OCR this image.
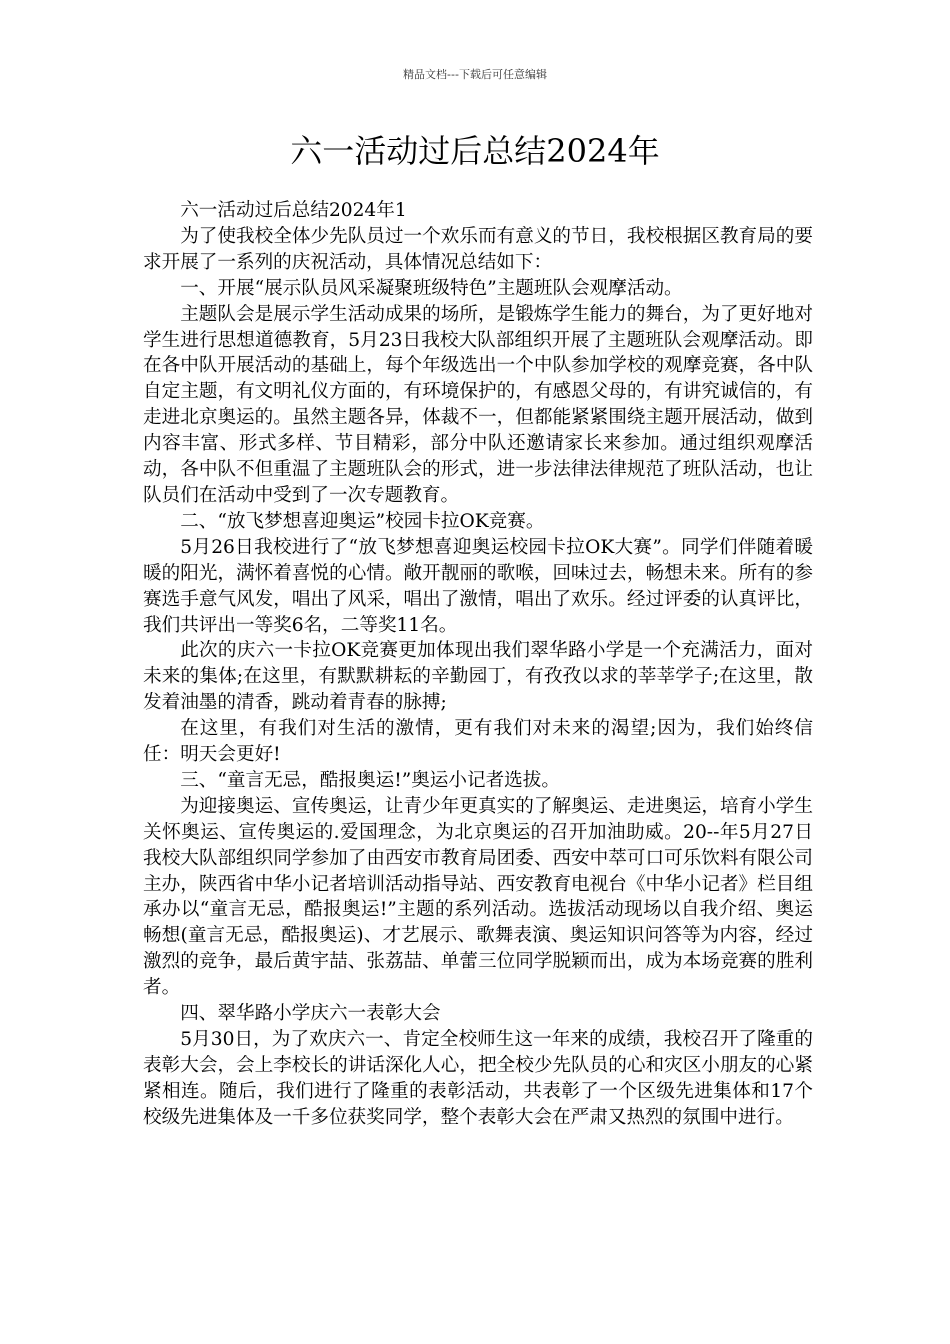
精品文档---下载后可任意编辑
六一活动过后总结2024年

六一活动过后总结2024年1

为了使我校全体少先队员过一个欢乐而有意义的节日，我校根据区教育局的要求开展了一系列的庆祝活动，具体情况总结如下：

一、开展“展示队员风采凝聚班级特色”主题班队会观摩活动。

主题队会是展示学生活动成果的场所，是锻炼学生能力的舞台，为了更好地对学生进行思想道德教育，5月23日我校大队部组织开展了主题班队会观摩活动。即在各中队开展活动的基础上，每个年级选出一个中队参加学校的观摩竞赛，各中队自定主题，有文明礼仪方面的，有环境保护的，有感恩父母的，有讲究诚信的，有走进北京奥运的。虽然主题各异，体裁不一，但都能紧紧围绕主题开展活动，做到内容丰富、形式多样、节目精彩，部分中队还邀请家长来参加。通过组织观摩活动，各中队不但重温了主题班队会的形式，进一步法律法律规范了班队活动，也让队员们在活动中受到了一次专题教育。

二、“放飞梦想喜迎奥运”校园卡拉OK竞赛。

5月26日我校进行了“放飞梦想喜迎奥运校园卡拉OK大赛”。同学们伴随着暖暖的阳光，满怀着喜悦的心情。敞开靓丽的歌喉，回味过去，畅想未来。所有的参赛选手意气风发，唱出了风采，唱出了激情，唱出了欢乐。经过评委的认真评比，我们共评出一等奖6名，二等奖11名。

此次的庆六一卡拉OK竞赛更加体现出我们翠华路小学是一个充满活力，面对未来的集体;在这里，有默默耕耘的辛勤园丁，有孜孜以求的莘莘学子;在这里，散发着油墨的清香，跳动着青春的脉搏;

在这里，有我们对生活的激情，更有我们对未来的渴望;因为，我们始终信任：明天会更好!

三、“童言无忌，酷报奥运!”奥运小记者选拔。

为迎接奥运、宣传奥运，让青少年更真实的了解奥运、走进奥运，培育小学生关怀奥运、宣传奥运的.爱国理念，为北京奥运的召开加油助威。20--年5月27日我校大队部组织同学参加了由西安市教育局团委、西安中萃可口可乐饮料有限公司主办，陕西省中华小记者培训活动指导站、西安教育电视台《中华小记者》栏目组承办以“童言无忌，酷报奥运!”主题的系列活动。选拔活动现场以自我介绍、奥运畅想(童言无忌，酷报奥运)、才艺展示、歌舞表演、奥运知识问答等为内容，经过激烈的竞争，最后黄宇喆、张荔喆、单蕾三位同学脱颖而出，成为本场竞赛的胜利者。

四、翠华路小学庆六一表彰大会

5月30日，为了欢庆六一、肯定全校师生这一年来的成绩，我校召开了隆重的表彰大会，会上李校长的讲话深化人心，把全校少先队员的心和灾区小朋友的心紧紧相连。随后，我们进行了隆重的表彰活动，共表彰了一个区级先进集体和17个校级先进集体及一千多位获奖同学，整个表彰大会在严肃又热烈的氛围中进行。
